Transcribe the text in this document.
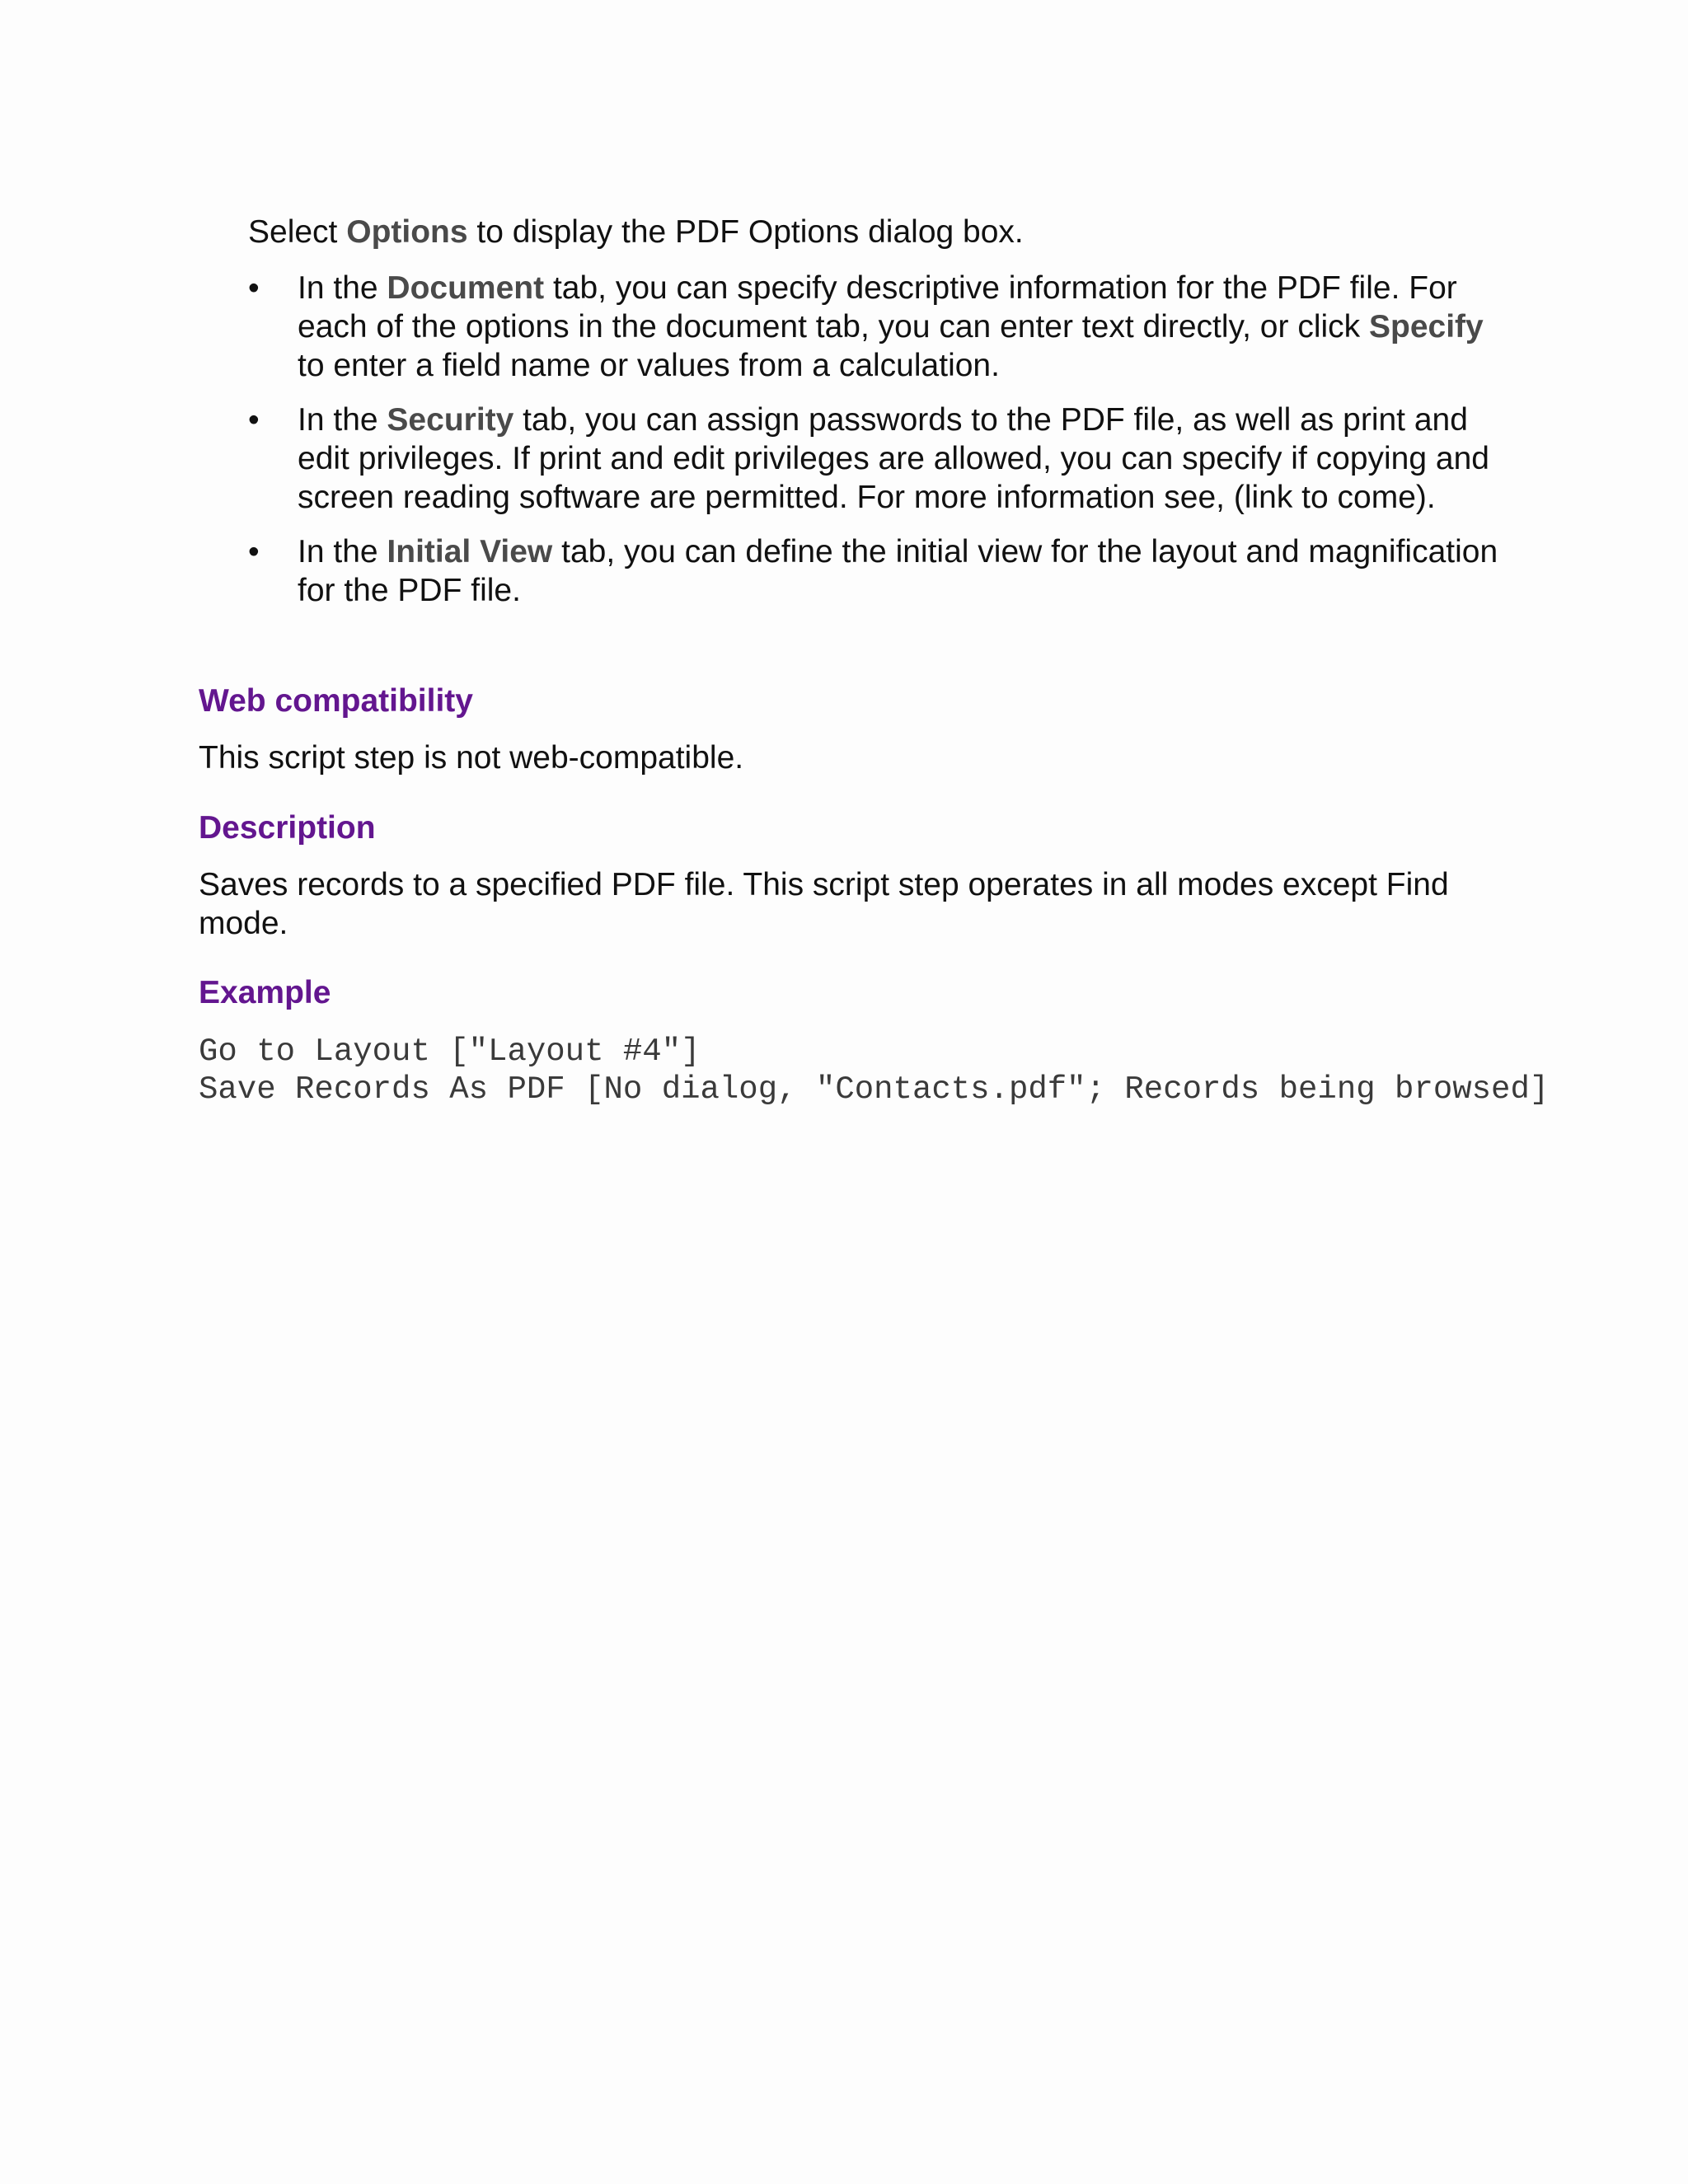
Select Options to display the PDF Options dialog box.

• In the Document tab, you can specify descriptive information for the PDF file. For each of the options in the document tab, you can enter text directly, or click Specify to enter a field name or values from a calculation.
• In the Security tab, you can assign passwords to the PDF file, as well as print and edit privileges. If print and edit privileges are allowed, you can specify if copying and screen reading software are permitted. For more information see, (link to come).
• In the Initial View tab, you can define the initial view for the layout and magnification for the PDF file.
Web compatibility

This script step is not web-compatible.

Description

Saves records to a specified PDF file. This script step operates in all modes except Find mode.

Example
Go to Layout ["Layout #4"]
Save Records As PDF [No dialog, "Contacts.pdf"; Records being browsed]
